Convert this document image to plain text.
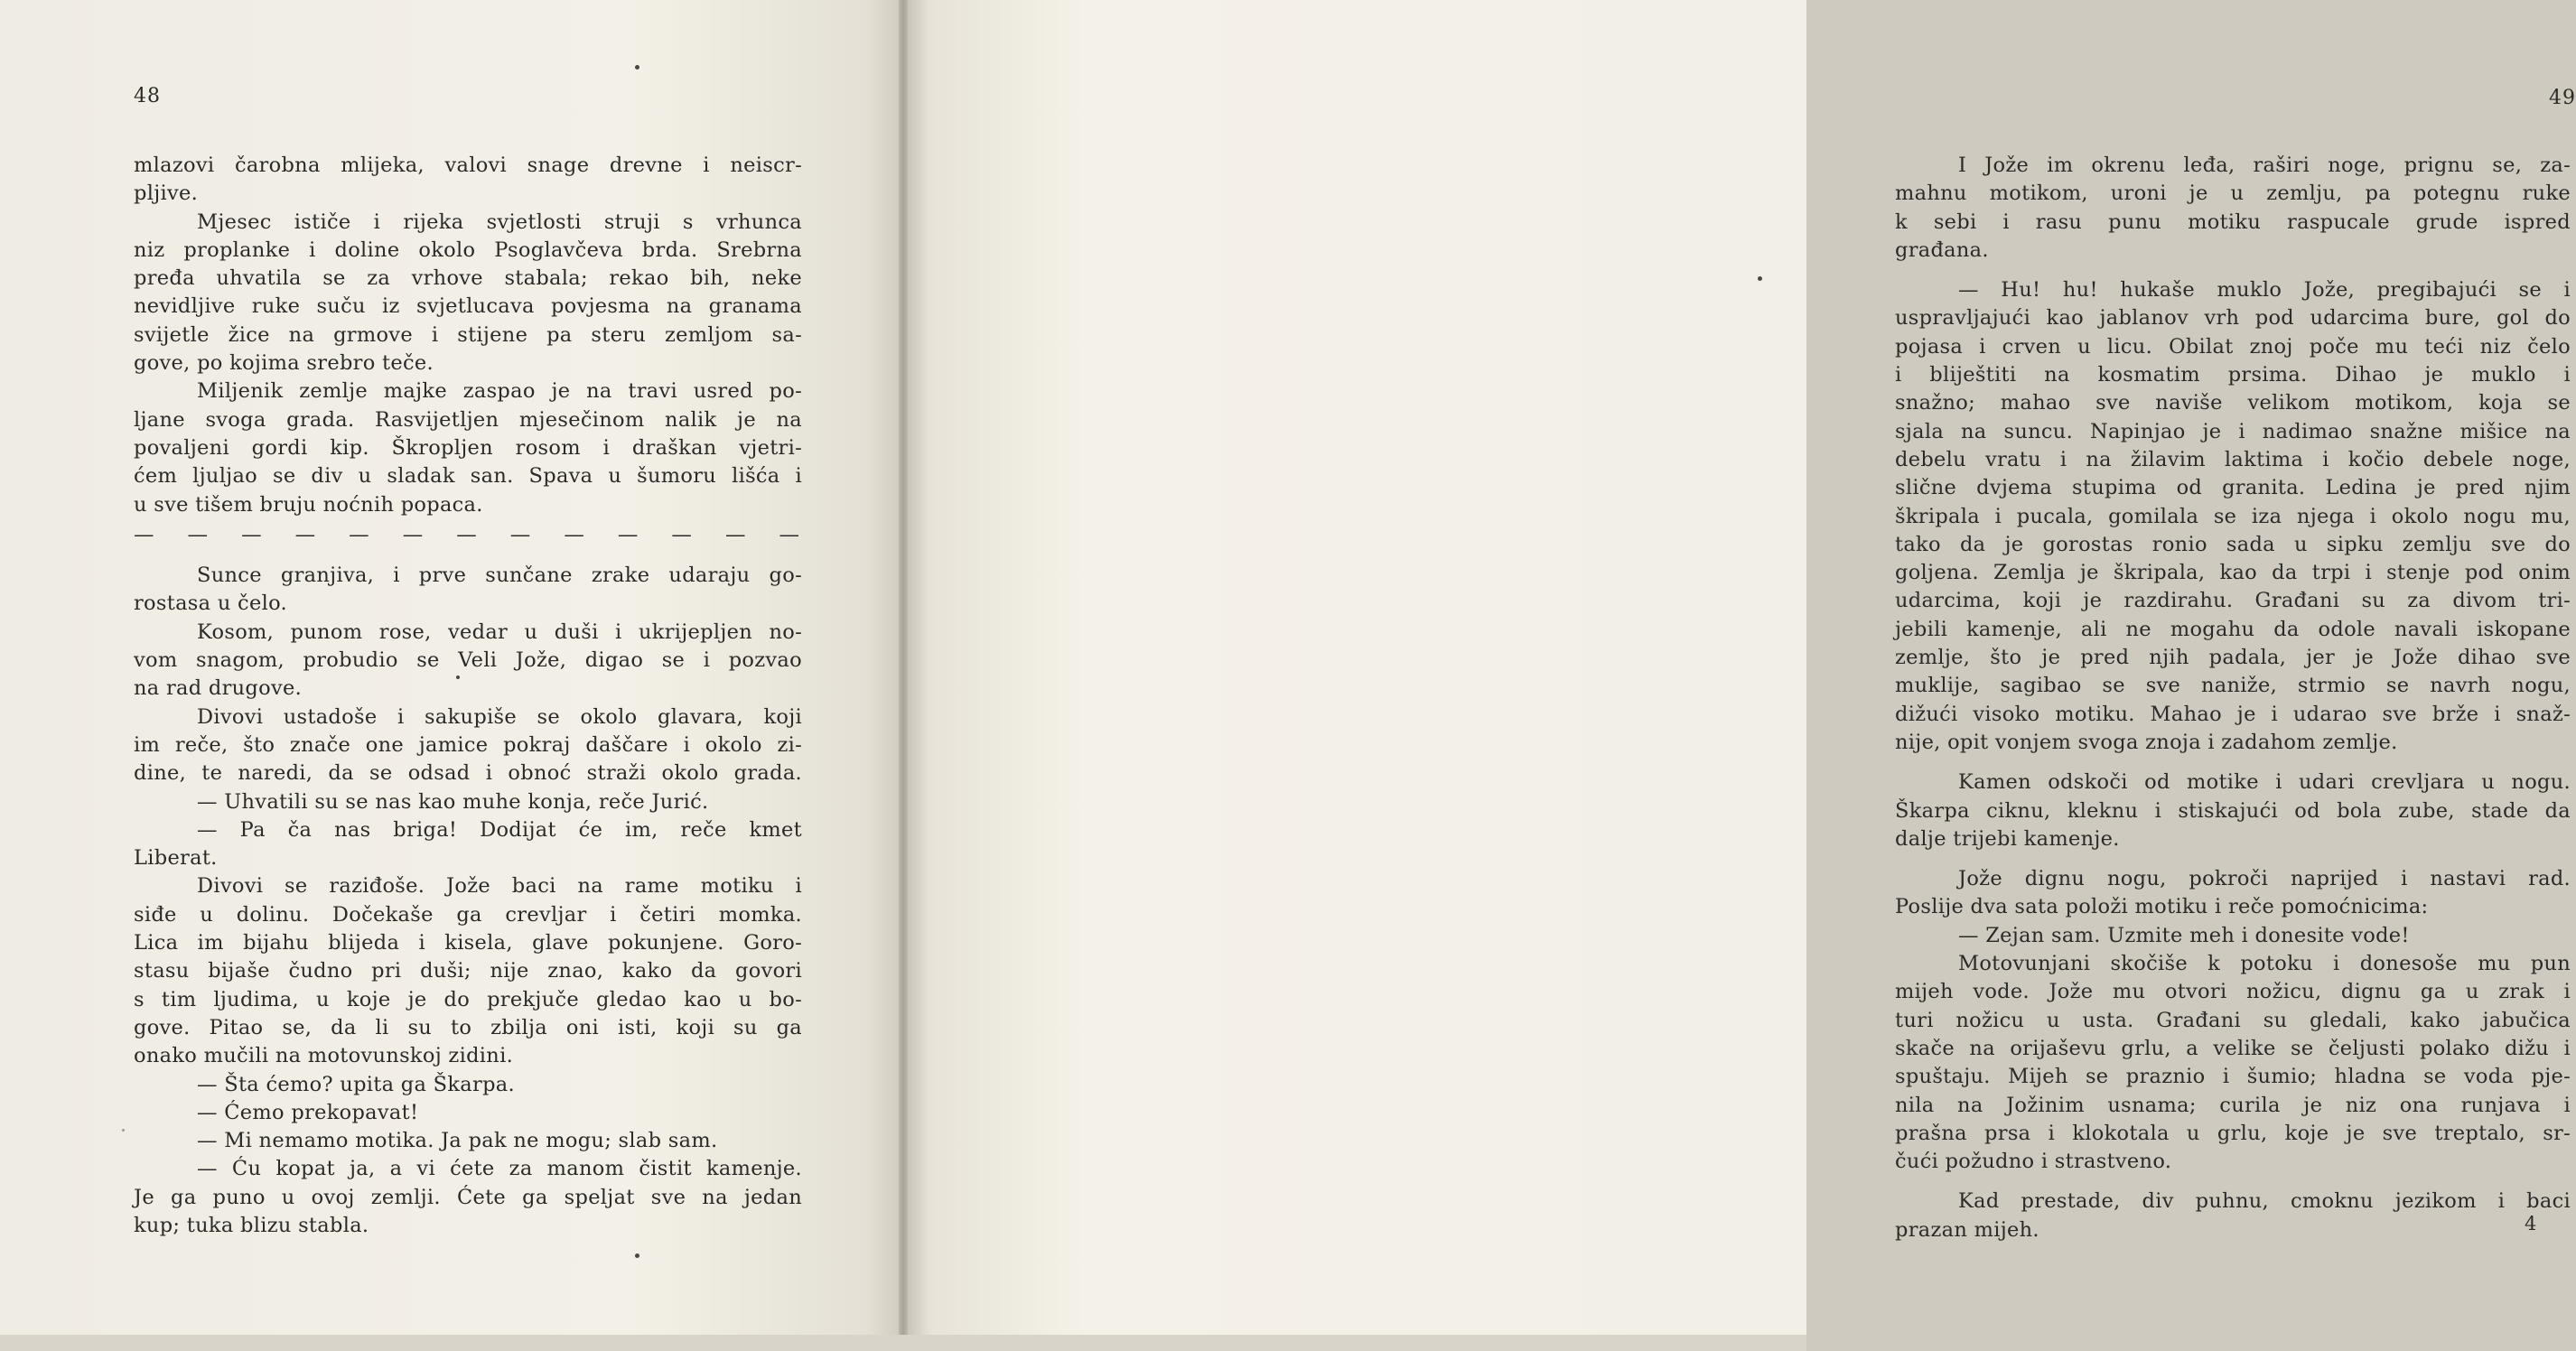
48
mlazovi čarobna mlijeka, valovi snage drevne i neiscr-
pljive.
Mjesec ističe i rijeka svjetlosti struji s vrhunca
niz proplanke i doline okolo Psoglavčeva brda. Srebrna
pređa uhvatila se za vrhove stabala; rekao bih, neke
nevidljive ruke suču iz svjetlucava povjesma na granama
svijetle žice na grmove i stijene pa steru zemljom sa-
gove, po kojima srebro teče.
Miljenik zemlje majke zaspao je na travi usred po-
ljane svoga grada. Rasvijetljen mjesečinom nalik je na
povaljeni gordi kip. Škropljen rosom i draškan vjetri-
ćem ljuljao se div u sladak san. Spava u šumoru lišća i
u sve tišem bruju noćnih popaca.
— — — — — — — — — — — — —
Sunce granjiva, i prve sunčane zrake udaraju go-
rostasa u čelo.
Kosom, punom rose, vedar u duši i ukrijepljen no-
vom snagom, probudio se Veli Jože, digao se i pozvao
na rad drugove.
Divovi ustadoše i sakupiše se okolo glavara, koji
im reče, što znače one jamice pokraj daščare i okolo zi-
dine, te naredi, da se odsad i obnoć straži okolo grada.
— Uhvatili su se nas kao muhe konja, reče Jurić.
— Pa ča nas briga! Dodijat će im, reče kmet
Liberat.
Divovi se raziđoše. Jože baci na rame motiku i
siđe u dolinu. Dočekaše ga crevljar i četiri momka.
Lica im bijahu blijeda i kisela, glave pokunjene. Goro-
stasu bijaše čudno pri duši; nije znao, kako da govori
s tim ljudima, u koje je do prekjuče gledao kao u bo-
gove. Pitao se, da li su to zbilja oni isti, koji su ga
onako mučili na motovunskoj zidini.
— Šta ćemo? upita ga Škarpa.
— Ćemo prekopavat!
— Mi nemamo motika. Ja pak ne mogu; slab sam.
— Ću kopat ja, a vi ćete za manom čistit kamenje.
Je ga puno u ovoj zemlji. Ćete ga speljat sve na jedan
kup; tuka blizu stabla.
49
I Jože im okrenu leđa, raširi noge, prignu se, za-
mahnu motikom, uroni je u zemlju, pa potegnu ruke
k sebi i rasu punu motiku raspucale grude ispred
građana.
— Hu! hu! hukaše muklo Jože, pregibajući se i
uspravljajući kao jablanov vrh pod udarcima bure, gol do
pojasa i crven u licu. Obilat znoj poče mu teći niz čelo
i bliještiti na kosmatim prsima. Dihao je muklo i
snažno; mahao sve naviše velikom motikom, koja se
sjala na suncu. Napinjao je i nadimao snažne mišice na
debelu vratu i na žilavim laktima i kočio debele noge,
slične dvjema stupima od granita. Ledina je pred njim
škripala i pucala, gomilala se iza njega i okolo nogu mu,
tako da je gorostas ronio sada u sipku zemlju sve do
goljena. Zemlja je škripala, kao da trpi i stenje pod onim
udarcima, koji je razdirahu. Građani su za divom tri-
jebili kamenje, ali ne mogahu da odole navali iskopane
zemlje, što je pred njih padala, jer je Jože dihao sve
muklije, sagibao se sve naniže, strmio se navrh nogu,
dižući visoko motiku. Mahao je i udarao sve brže i snaž-
nije, opit vonjem svoga znoja i zadahom zemlje.
Kamen odskoči od motike i udari crevljara u nogu.
Škarpa ciknu, kleknu i stiskajući od bola zube, stade da
dalje trijebi kamenje.
Jože dignu nogu, pokroči naprijed i nastavi rad.
Poslije dva sata položi motiku i reče pomoćnicima:
— Zejan sam. Uzmite meh i donesite vode!
Motovunjani skočiše k potoku i donesoše mu pun
mijeh vode. Jože mu otvori nožicu, dignu ga u zrak i
turi nožicu u usta. Građani su gledali, kako jabučica
skače na orijaševu grlu, a velike se čeljusti polako dižu i
spuštaju. Mijeh se praznio i šumio; hladna se voda pje-
nila na Jožinim usnama; curila je niz ona runjava i
prašna prsa i klokotala u grlu, koje je sve treptalo, sr-
čući požudno i strastveno.
Kad prestade, div puhnu, cmoknu jezikom i baci
prazan mijeh.	4
